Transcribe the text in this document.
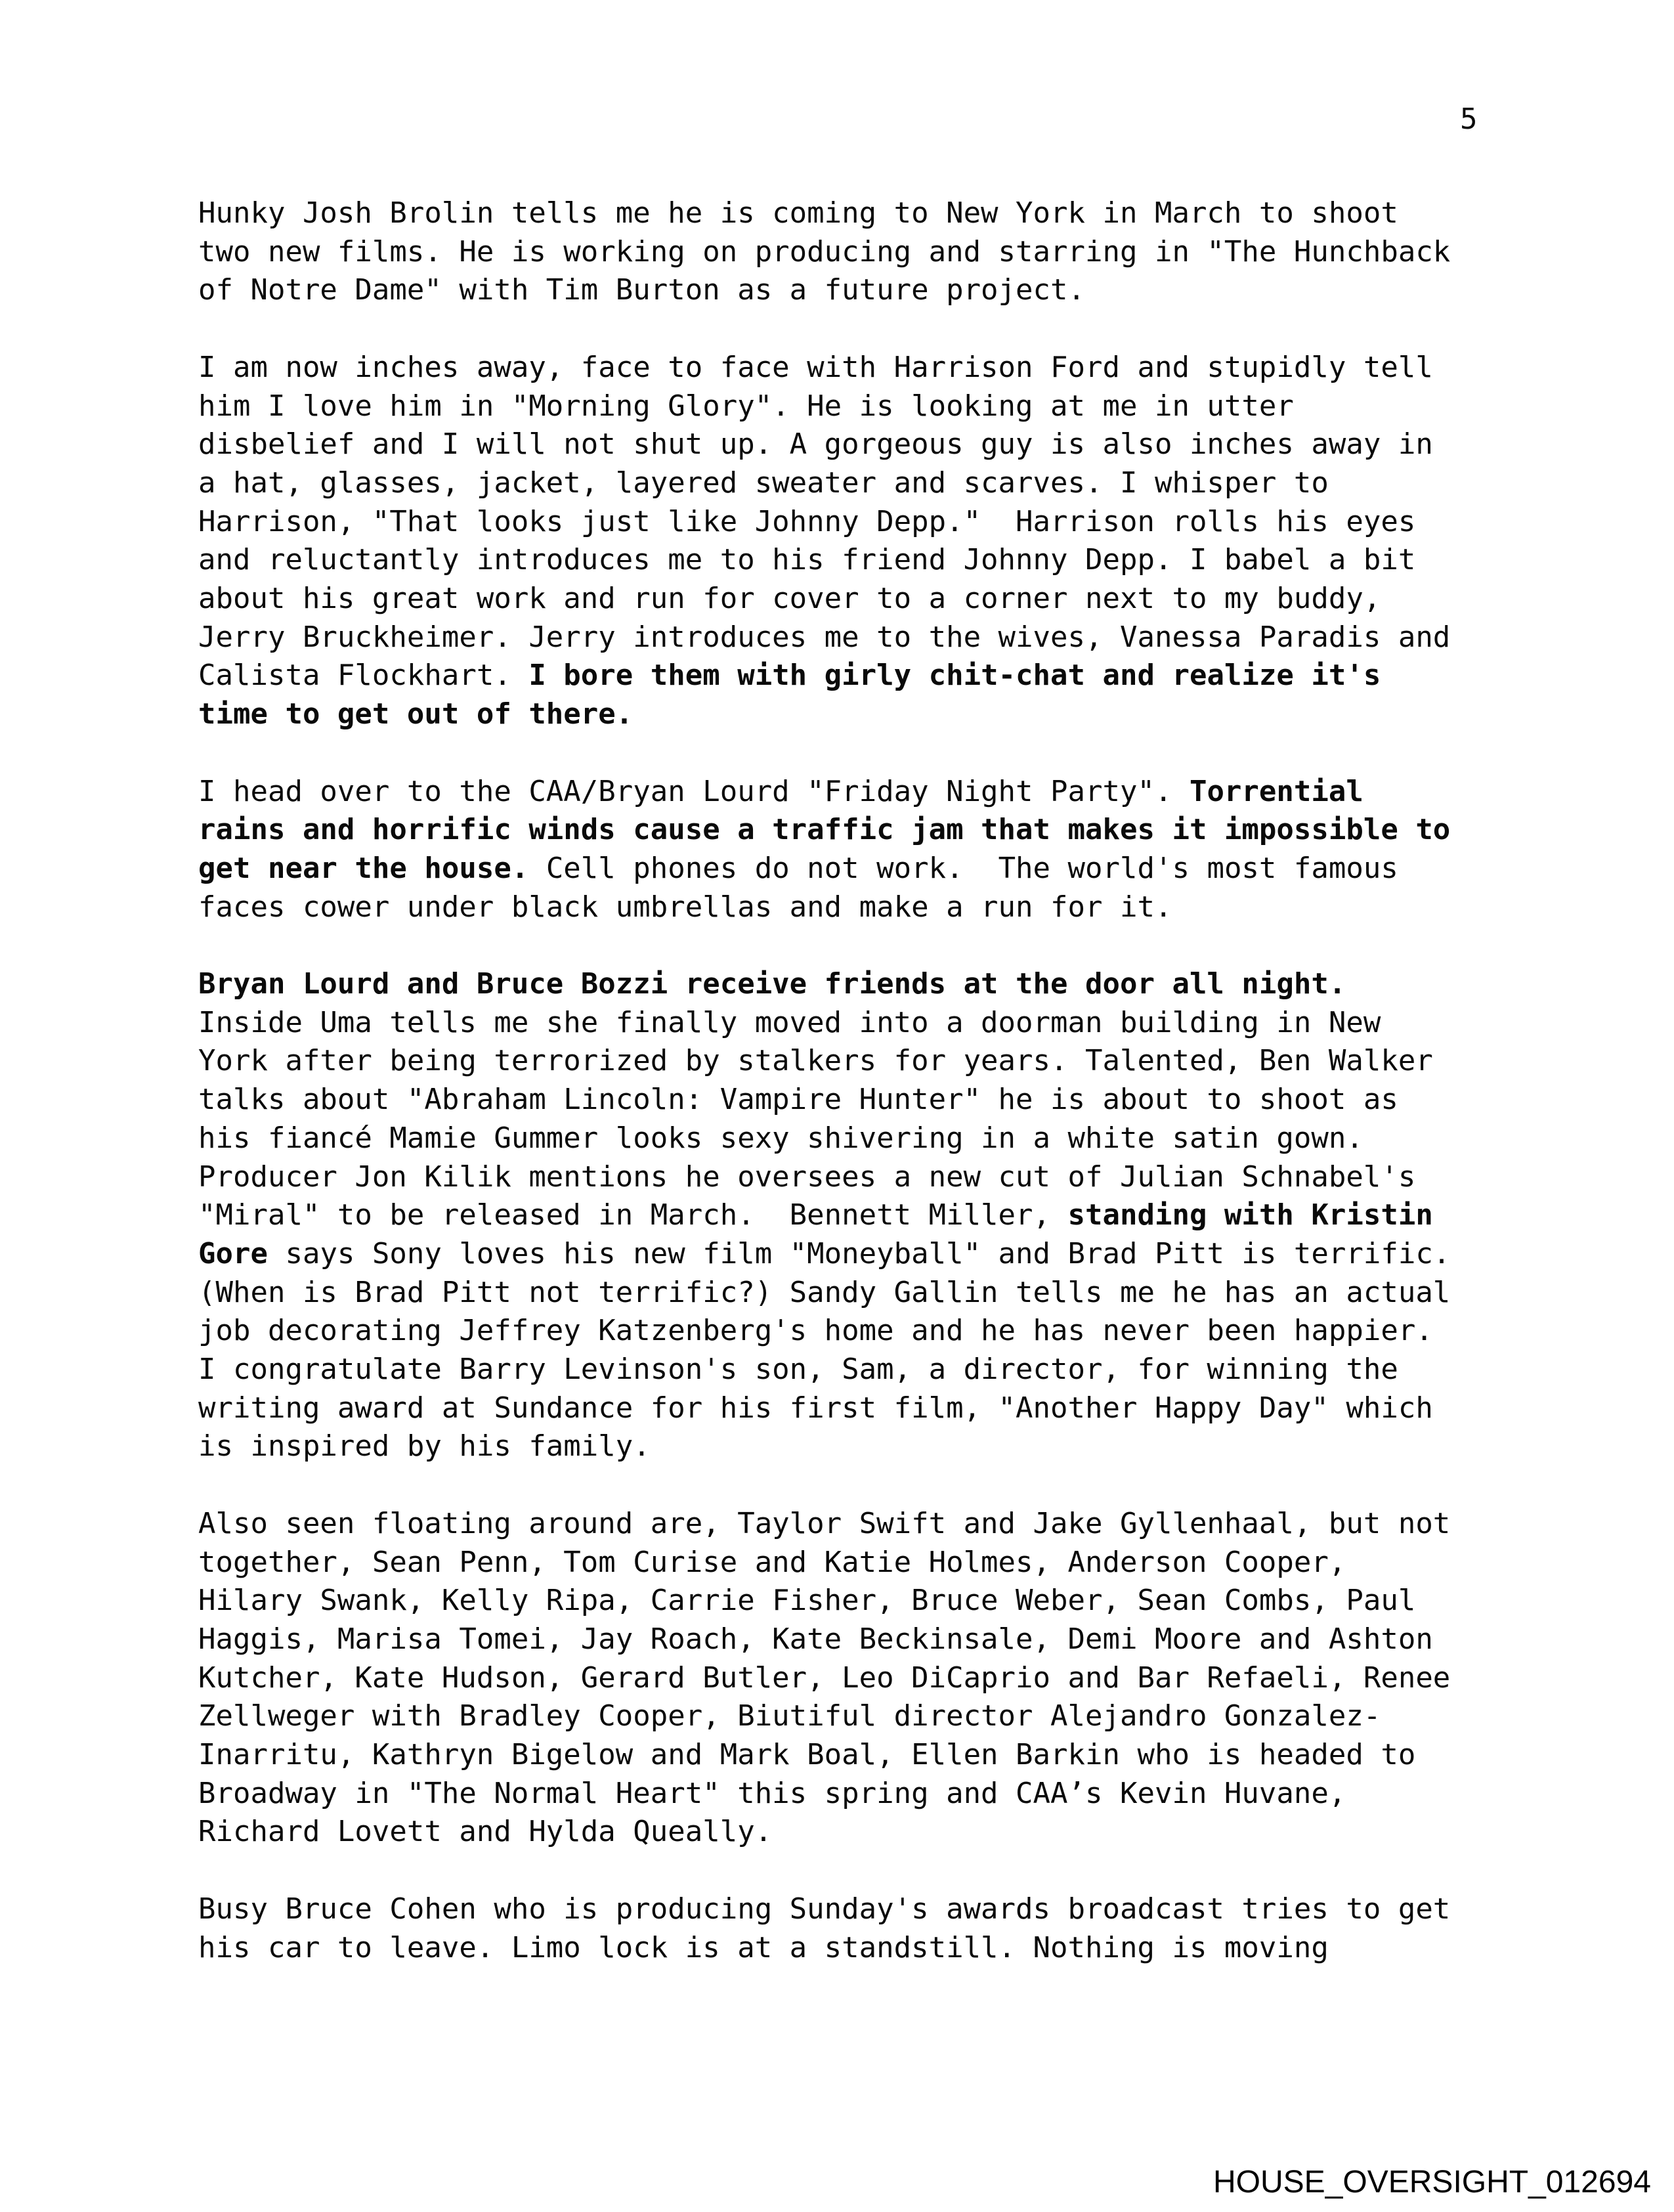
5
Hunky Josh Brolin tells me he is coming to New York in March to shoot
two new films. He is working on producing and starring in "The Hunchback
of Notre Dame" with Tim Burton as a future project.
I am now inches away, face to face with Harrison Ford and stupidly tell
him I love him in "Morning Glory". He is looking at me in utter
disbelief and I will not shut up. A gorgeous guy is also inches away in
a hat, glasses, jacket, layered sweater and scarves. I whisper to
Harrison, "That looks just like Johnny Depp."  Harrison rolls his eyes
and reluctantly introduces me to his friend Johnny Depp. I babel a bit
about his great work and run for cover to a corner next to my buddy,
Jerry Bruckheimer. Jerry introduces me to the wives, Vanessa Paradis and
Calista Flockhart. I bore them with girly chit-chat and realize it's
time to get out of there.
I head over to the CAA/Bryan Lourd "Friday Night Party". Torrential
rains and horrific winds cause a traffic jam that makes it impossible to
get near the house. Cell phones do not work.  The world's most famous
faces cower under black umbrellas and make a run for it.
Bryan Lourd and Bruce Bozzi receive friends at the door all night.
Inside Uma tells me she finally moved into a doorman building in New
York after being terrorized by stalkers for years. Talented, Ben Walker
talks about "Abraham Lincoln: Vampire Hunter" he is about to shoot as
his fiancé Mamie Gummer looks sexy shivering in a white satin gown.
Producer Jon Kilik mentions he oversees a new cut of Julian Schnabel's
"Miral" to be released in March.  Bennett Miller, standing with Kristin
Gore says Sony loves his new film "Moneyball" and Brad Pitt is terrific.
(When is Brad Pitt not terrific?) Sandy Gallin tells me he has an actual
job decorating Jeffrey Katzenberg's home and he has never been happier.
I congratulate Barry Levinson's son, Sam, a director, for winning the
writing award at Sundance for his first film, "Another Happy Day" which
is inspired by his family.
Also seen floating around are, Taylor Swift and Jake Gyllenhaal, but not
together, Sean Penn, Tom Curise and Katie Holmes, Anderson Cooper,
Hilary Swank, Kelly Ripa, Carrie Fisher, Bruce Weber, Sean Combs, Paul
Haggis, Marisa Tomei, Jay Roach, Kate Beckinsale, Demi Moore and Ashton
Kutcher, Kate Hudson, Gerard Butler, Leo DiCaprio and Bar Refaeli, Renee
Zellweger with Bradley Cooper, Biutiful director Alejandro Gonzalez-
Inarritu, Kathryn Bigelow and Mark Boal, Ellen Barkin who is headed to
Broadway in "The Normal Heart" this spring and CAA’s Kevin Huvane,
Richard Lovett and Hylda Queally.
Busy Bruce Cohen who is producing Sunday's awards broadcast tries to get
his car to leave. Limo lock is at a standstill. Nothing is moving
HOUSE_OVERSIGHT_012694
